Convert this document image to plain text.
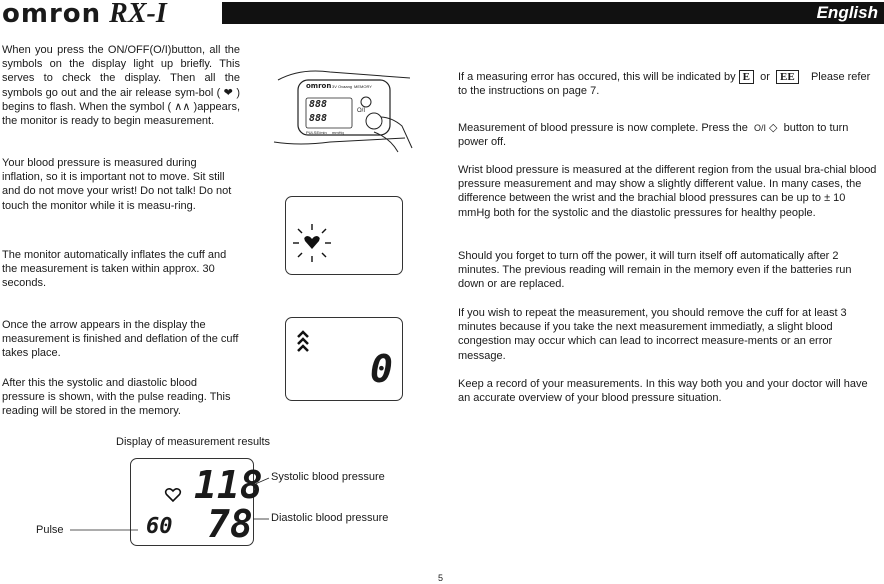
omron RX-I	English

When you press the ON/OFF(O/I)button, all the symbols on the display light up briefly. This serves to check the display. Then all the symbols go out and the air release sym-bol ( ❤ ) begins to flash. When the symbol ( ∧∧ )appears, the monitor is ready to begin measurement.

Your blood pressure is measured during inflation, so it is important not to move. Sit still and do not move your wrist! Do not talk! Do not touch the monitor while it is measu-ring.

The monitor automatically inflates the cuff and the measurement is taken within approx. 30 seconds.

Once the arrow appears in the display the measurement is finished and deflation of the cuff takes place.

After this the systolic and diastolic blood pressure is shown, with the pulse reading. This reading will be stored in the memory.

omron 3V Ovaang MEMORY
888
888
PULSE/min mmHg
O/I
0

If a measuring error has occured, this will be indicated by E or EE Please refer to the instructions on page 7.

Measurement of blood pressure is now complete. Press the O/I ◇  button to turn power off.

Wrist blood pressure is measured at the different region from the usual bra-chial blood pressure measurement and may show a slightly different value. In many cases, the difference between the wrist and the brachial blood pressures can be up to ± 10 mmHg both for the systolic and the diastolic pressures for healthy people.

Should you forget to turn off the power, it will turn itself off automatically after 2 minutes. The previous reading will remain in the memory even if the batteries run down or are replaced.

If you wish to repeat the measurement, you should remove the cuff for at least 3 minutes because if you take the next measurement immediatly, a slight blood congestion may occur which can lead to incorrect measure-ments or an error message.

Keep a record of your measurements. In this way both you and your doctor will have an accurate overview of your blood pressure situation.

Display of measurement results
118
60 78
Systolic blood pressure
Diastolic blood pressure
Pulse
5
